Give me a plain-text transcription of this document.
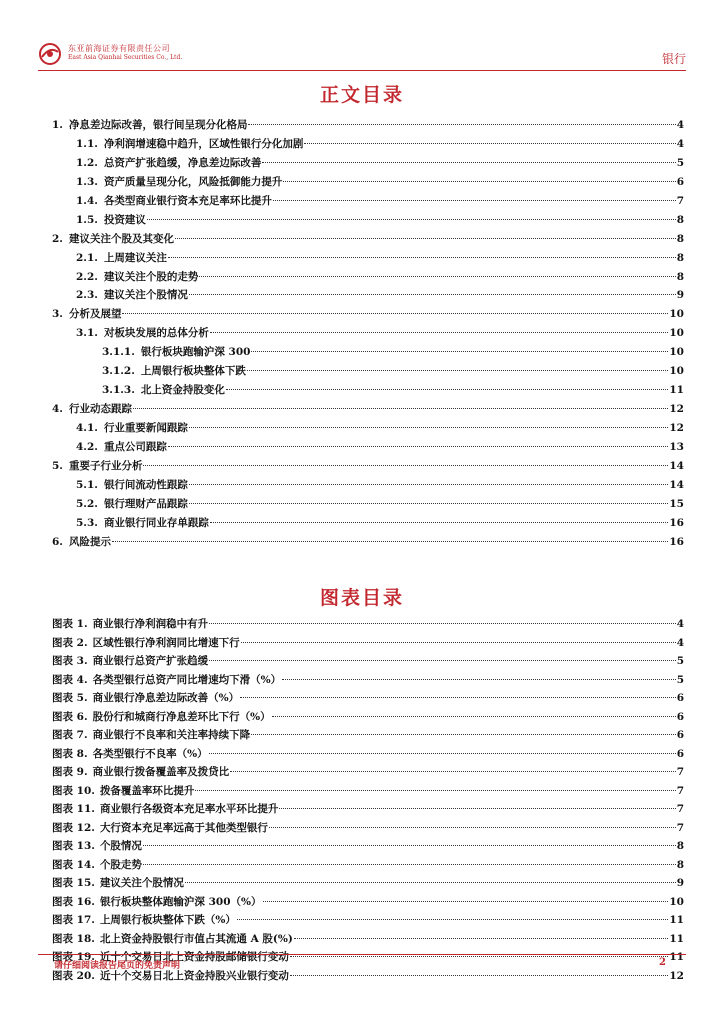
东亚前海证券有限责任公司
East Asia Qianhai Securities Co., Ltd.	银行
正文目录
1. 净息差边际改善，银行间呈现分化格局	4
1.1. 净利润增速稳中趋升，区域性银行分化加剧	4
1.2. 总资产扩张趋缓，净息差边际改善	5
1.3. 资产质量呈现分化，风险抵御能力提升	6
1.4. 各类型商业银行资本充足率环比提升	7
1.5. 投资建议	8
2. 建议关注个股及其变化	8
2.1. 上周建议关注	8
2.2. 建议关注个股的走势	8
2.3. 建议关注个股情况	9
3. 分析及展望	10
3.1. 对板块发展的总体分析	10
3.1.1. 银行板块跑输沪深 300	10
3.1.2. 上周银行板块整体下跌	10
3.1.3. 北上资金持股变化	11
4. 行业动态跟踪	12
4.1. 行业重要新闻跟踪	12
4.2. 重点公司跟踪	13
5. 重要子行业分析	14
5.1. 银行间流动性跟踪	14
5.2. 银行理财产品跟踪	15
5.3. 商业银行同业存单跟踪	16
6. 风险提示	16
图表目录
图表 1. 商业银行净利润稳中有升	4
图表 2. 区域性银行净利润同比增速下行	4
图表 3. 商业银行总资产扩张趋缓	5
图表 4. 各类型银行总资产同比增速均下滑（%）	5
图表 5. 商业银行净息差边际改善（%）	6
图表 6. 股份行和城商行净息差环比下行（%）	6
图表 7. 商业银行不良率和关注率持续下降	6
图表 8. 各类型银行不良率（%）	6
图表 9. 商业银行拨备覆盖率及拨贷比	7
图表 10. 拨备覆盖率环比提升	7
图表 11. 商业银行各级资本充足率水平环比提升	7
图表 12. 大行资本充足率远高于其他类型银行	7
图表 13. 个股情况	8
图表 14. 个股走势	8
图表 15. 建议关注个股情况	9
图表 16. 银行板块整体跑输沪深 300（%）	10
图表 17. 上周银行板块整体下跌（%）	11
图表 18. 北上资金持股银行市值占其流通 A 股(%)	11
图表 19. 近十个交易日北上资金持股邮储银行变动	11
图表 20. 近十个交易日北上资金持股兴业银行变动	12
请仔细阅读报告尾页的免责声明	2
